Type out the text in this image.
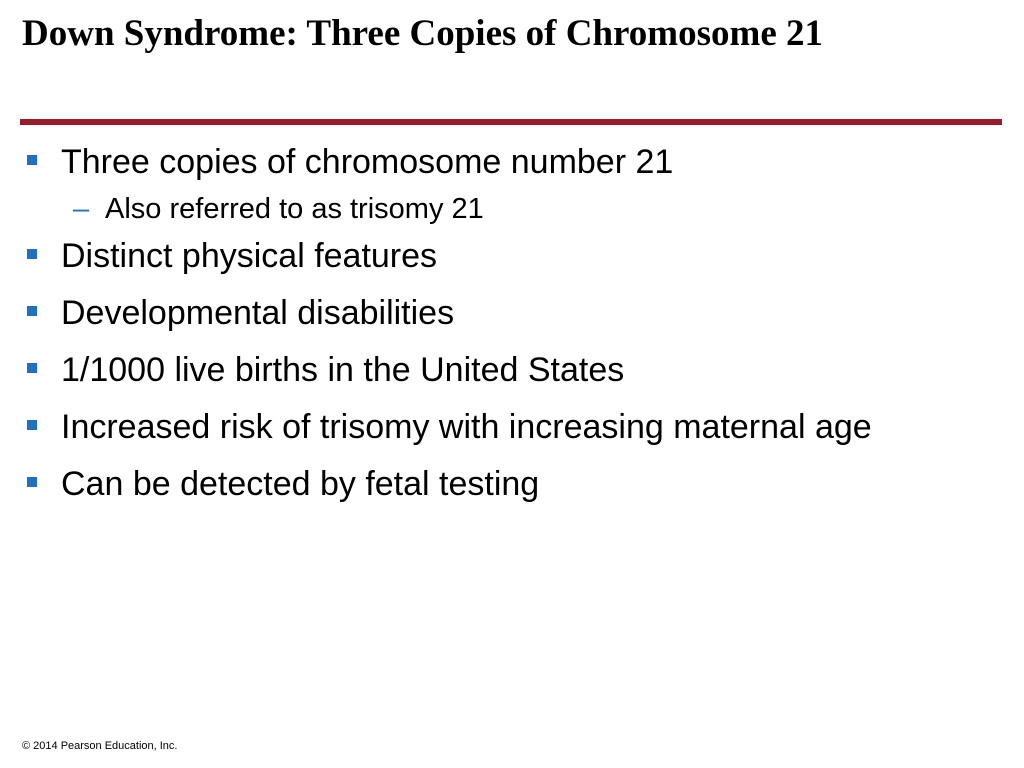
Down Syndrome: Three Copies of Chromosome 21
Three copies of chromosome number 21
– Also referred to as trisomy 21
Distinct physical features
Developmental disabilities
1/1000 live births in the United States
Increased risk of trisomy with increasing maternal age
Can be detected by fetal testing
© 2014 Pearson Education, Inc.
